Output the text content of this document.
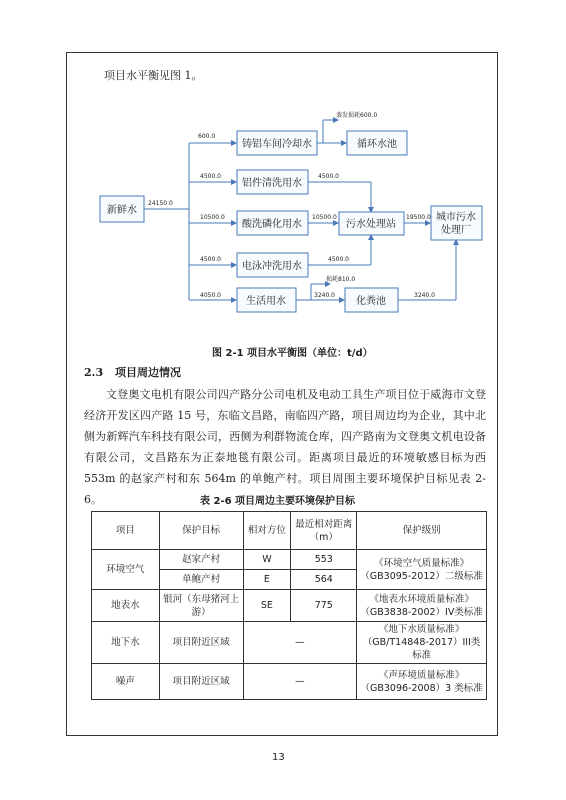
项目水平衡见图 1。
新鲜水
铸铝车间冷却水	循环水池
铝件清洗用水
酸洗磷化用水	污水处理站
城市污水
处理厂
电泳冲洗用水
生活用水	化粪池
24150.0
600.0
蒸发损耗600.0
4500.0	4500.0
10500.0	10500.0	19500.0
4500.0	4500.0
4050.0
损耗810.0
3240.0	3240.0
图 2-1 项目水平衡图（单位：t/d）
2.3 项目周边情况
文登奥文电机有限公司四产路分公司电机及电动工具生产项目位于威海市文登经济开发区四产路 15 号，东临文昌路，南临四产路，项目周边均为企业，其中北侧为新辉汽车科技有限公司，西侧为利群物流仓库，四产路南为文登奥文机电设备有限公司，文昌路东为正泰地毯有限公司。距离项目最近的环境敏感目标为西 553m 的赵家产村和东 564m 的单鲍产村。项目周围主要环境保护目标见表 2-6。	表 2-6 项目周边主要环境保护目标
项目	保护目标	相对方位	最近相对距离（m）	保护级别
环境空气	赵家产村	W	553	《环境空气质量标准》（GB3095-2012）二级标准
	单鲍产村	E	564	
地表水	银河（东母猪河上游）	SE	775	《地表水环境质量标准》（GB3838-2002）IV类标准
地下水	项目附近区域	—		《地下水质量标准》（GB/T14848-2017）III类标准
噪声	项目附近区域	—		《声环境质量标准》（GB3096-2008）3 类标准
13
